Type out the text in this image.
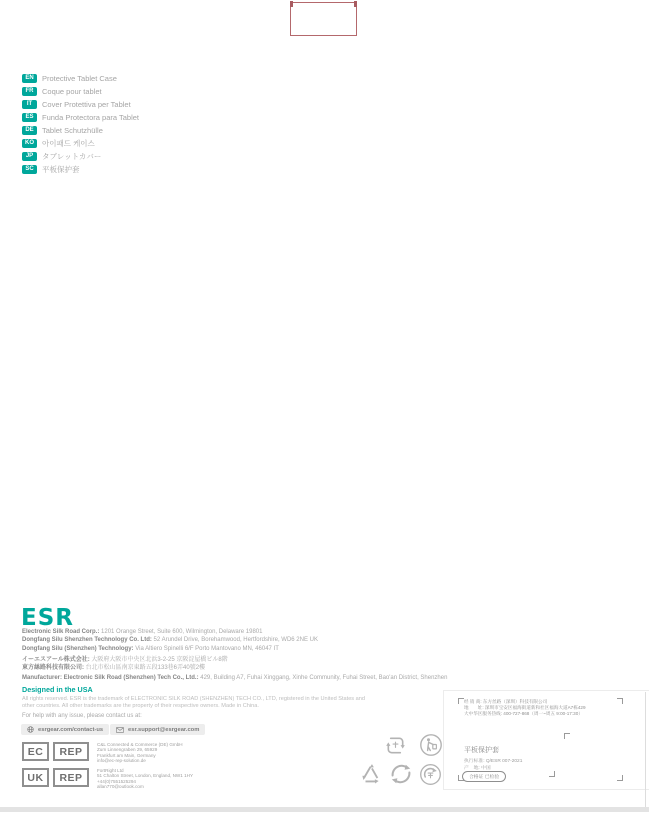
EN	Protective Tablet Case
FR	Coque pour tablet
IT	Cover Protettiva per Tablet
ES	Funda Protectora para Tablet
DE	Tablet Schutzhülle
KO	아이패드 케이스
JP	タブレットカバー
SC	平板保护套
ESR
Electronic Silk Road Corp.: 1201 Orange Street, Suite 600, Wilmington, Delaware 19801
Dongfang Silu Shenzhen Technology Co. Ltd: 52 Arundel Drive, Borehamwood, Hertfordshire, WD6 2NE UK
Dongfang Silu (Shenzhen) Technology: Via Altiero Spinelli 6/F Porto Mantovano MN, 46047 IT
イーエスアール株式会社: 大阪府大阪市中央区北浜3-2-25 京阪淀屋橋ビル8階
東方絲路科技有限公司: 台北市松山區南京東路五段133巷6弄40號2樓
Manufacturer: Electronic Silk Road (Shenzhen) Tech Co., Ltd.: 429, Building A7, Fuhai Xinggang, Xinhe Community, Fuhai Street, Bao'an District, Shenzhen
Designed in the USA
All rights reserved. ESR is the trademark of ELECTRONIC SILK ROAD (SHENZHEN) TECH CO., LTD, registered in the United States and other countries. All other trademarks are the property of their respective owners. Made in China.
For help with any issue, please contact us at:
esrgear.com/contact-us	esr.support@esrgear.com
EC	REP
C&L Connected & Commerce (DE) GmbH
Zum Linnengraben 29, 65929
Frankfurt am Main, Germany
info@ec-rep-solution.de
UK	REP
FortRight Ltd
51 Chalton Street, London, England, NW1 1HY
+44(0)7551525294
allan770@outlook.com
经 销 商: 东方丝路（深圳）科技有限公司
地　　址: 深圳市宝安区福海街道新和社区福海大道A7栋429
大中华区服务热线: 400-727-868（周一~周五 9:00-17:30）
平板保护套
执行标准: Q/ESR 007-2021
产　地: 中国
合格证 已检验
